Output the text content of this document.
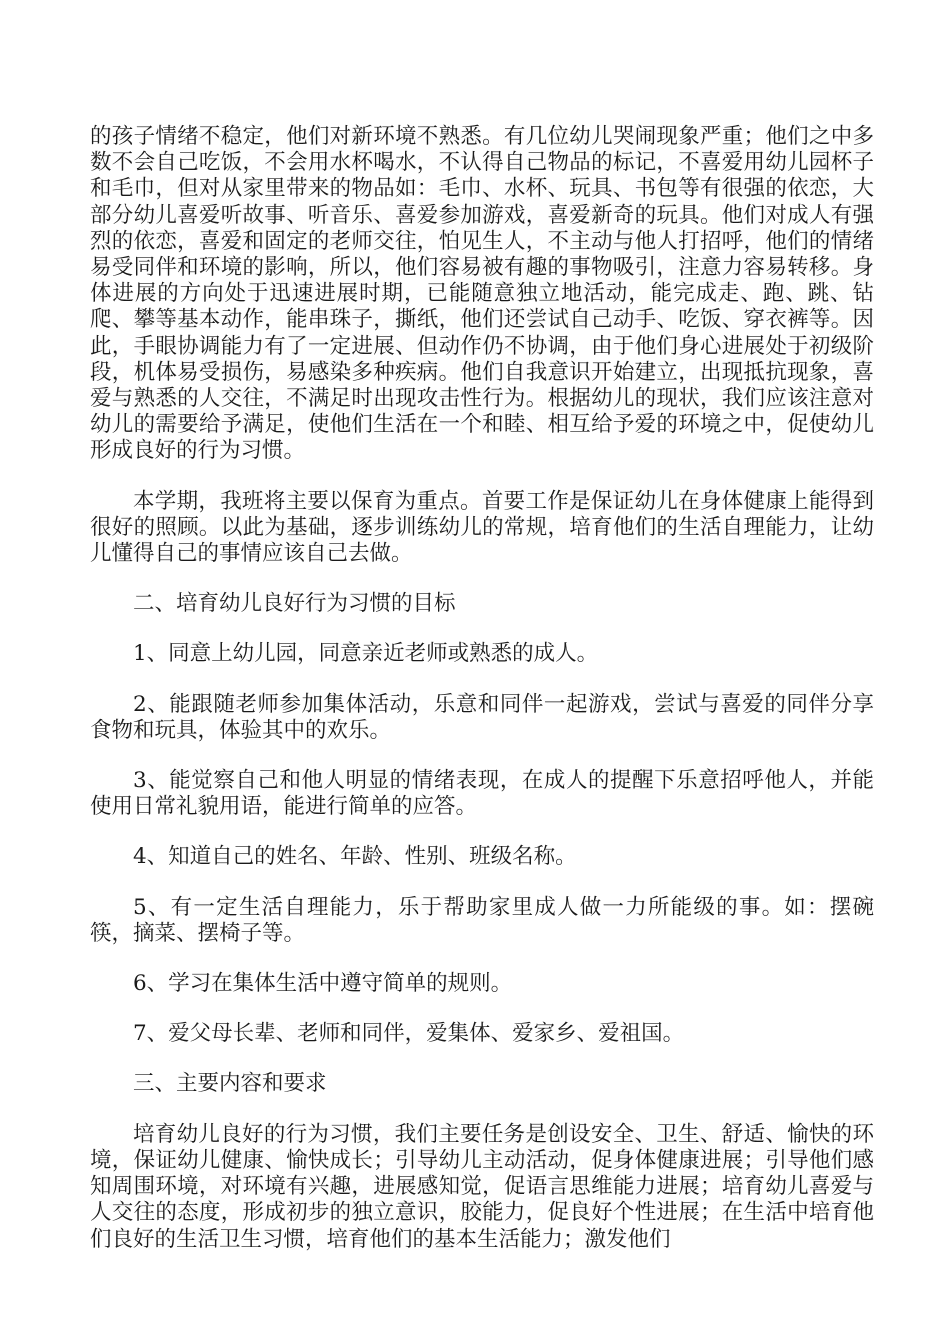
的孩子情绪不稳定，他们对新环境不熟悉。有几位幼儿哭闹现象严重；他们之中多数不会自己吃饭，不会用水杯喝水，不认得自己物品的标记，不喜爱用幼儿园杯子和毛巾，但对从家里带来的物品如：毛巾、水杯、玩具、书包等有很强的依恋，大部分幼儿喜爱听故事、听音乐、喜爱参加游戏，喜爱新奇的玩具。他们对成人有强烈的依恋，喜爱和固定的老师交往，怕见生人，不主动与他人打招呼，他们的情绪易受同伴和环境的影响，所以，他们容易被有趣的事物吸引，注意力容易转移。身体进展的方向处于迅速进展时期，已能随意独立地活动，能完成走、跑、跳、钻爬、攀等基本动作，能串珠子，撕纸，他们还尝试自己动手、吃饭、穿衣裤等。因此，手眼协调能力有了一定进展、但动作仍不协调，由于他们身心进展处于初级阶段，机体易受损伤，易感染多种疾病。他们自我意识开始建立，出现抵抗现象，喜爱与熟悉的人交往，不满足时出现攻击性行为。根据幼儿的现状，我们应该注意对幼儿的需要给予满足，使他们生活在一个和睦、相互给予爱的环境之中，促使幼儿形成良好的行为习惯。

本学期，我班将主要以保育为重点。首要工作是保证幼儿在身体健康上能得到很好的照顾。以此为基础，逐步训练幼儿的常规，培育他们的生活自理能力，让幼儿懂得自己的事情应该自己去做。

二、培育幼儿良好行为习惯的目标

1、同意上幼儿园，同意亲近老师或熟悉的成人。

2、能跟随老师参加集体活动，乐意和同伴一起游戏，尝试与喜爱的同伴分享食物和玩具，体验其中的欢乐。

3、能觉察自己和他人明显的情绪表现，在成人的提醒下乐意招呼他人，并能使用日常礼貌用语，能进行简单的应答。

4、知道自己的姓名、年龄、性别、班级名称。

5、有一定生活自理能力，乐于帮助家里成人做一力所能级的事。如：摆碗筷，摘菜、摆椅子等。

6、学习在集体生活中遵守简单的规则。

7、爱父母长辈、老师和同伴，爱集体、爱家乡、爱祖国。

三、主要内容和要求

培育幼儿良好的行为习惯，我们主要任务是创设安全、卫生、舒适、愉快的环境，保证幼儿健康、愉快成长；引导幼儿主动活动，促身体健康进展；引导他们感知周围环境，对环境有兴趣，进展感知觉，促语言思维能力进展；培育幼儿喜爱与人交往的态度，形成初步的独立意识，胶能力，促良好个性进展；在生活中培育他们良好的生活卫生习惯，培育他们的基本生活能力；激发他们
